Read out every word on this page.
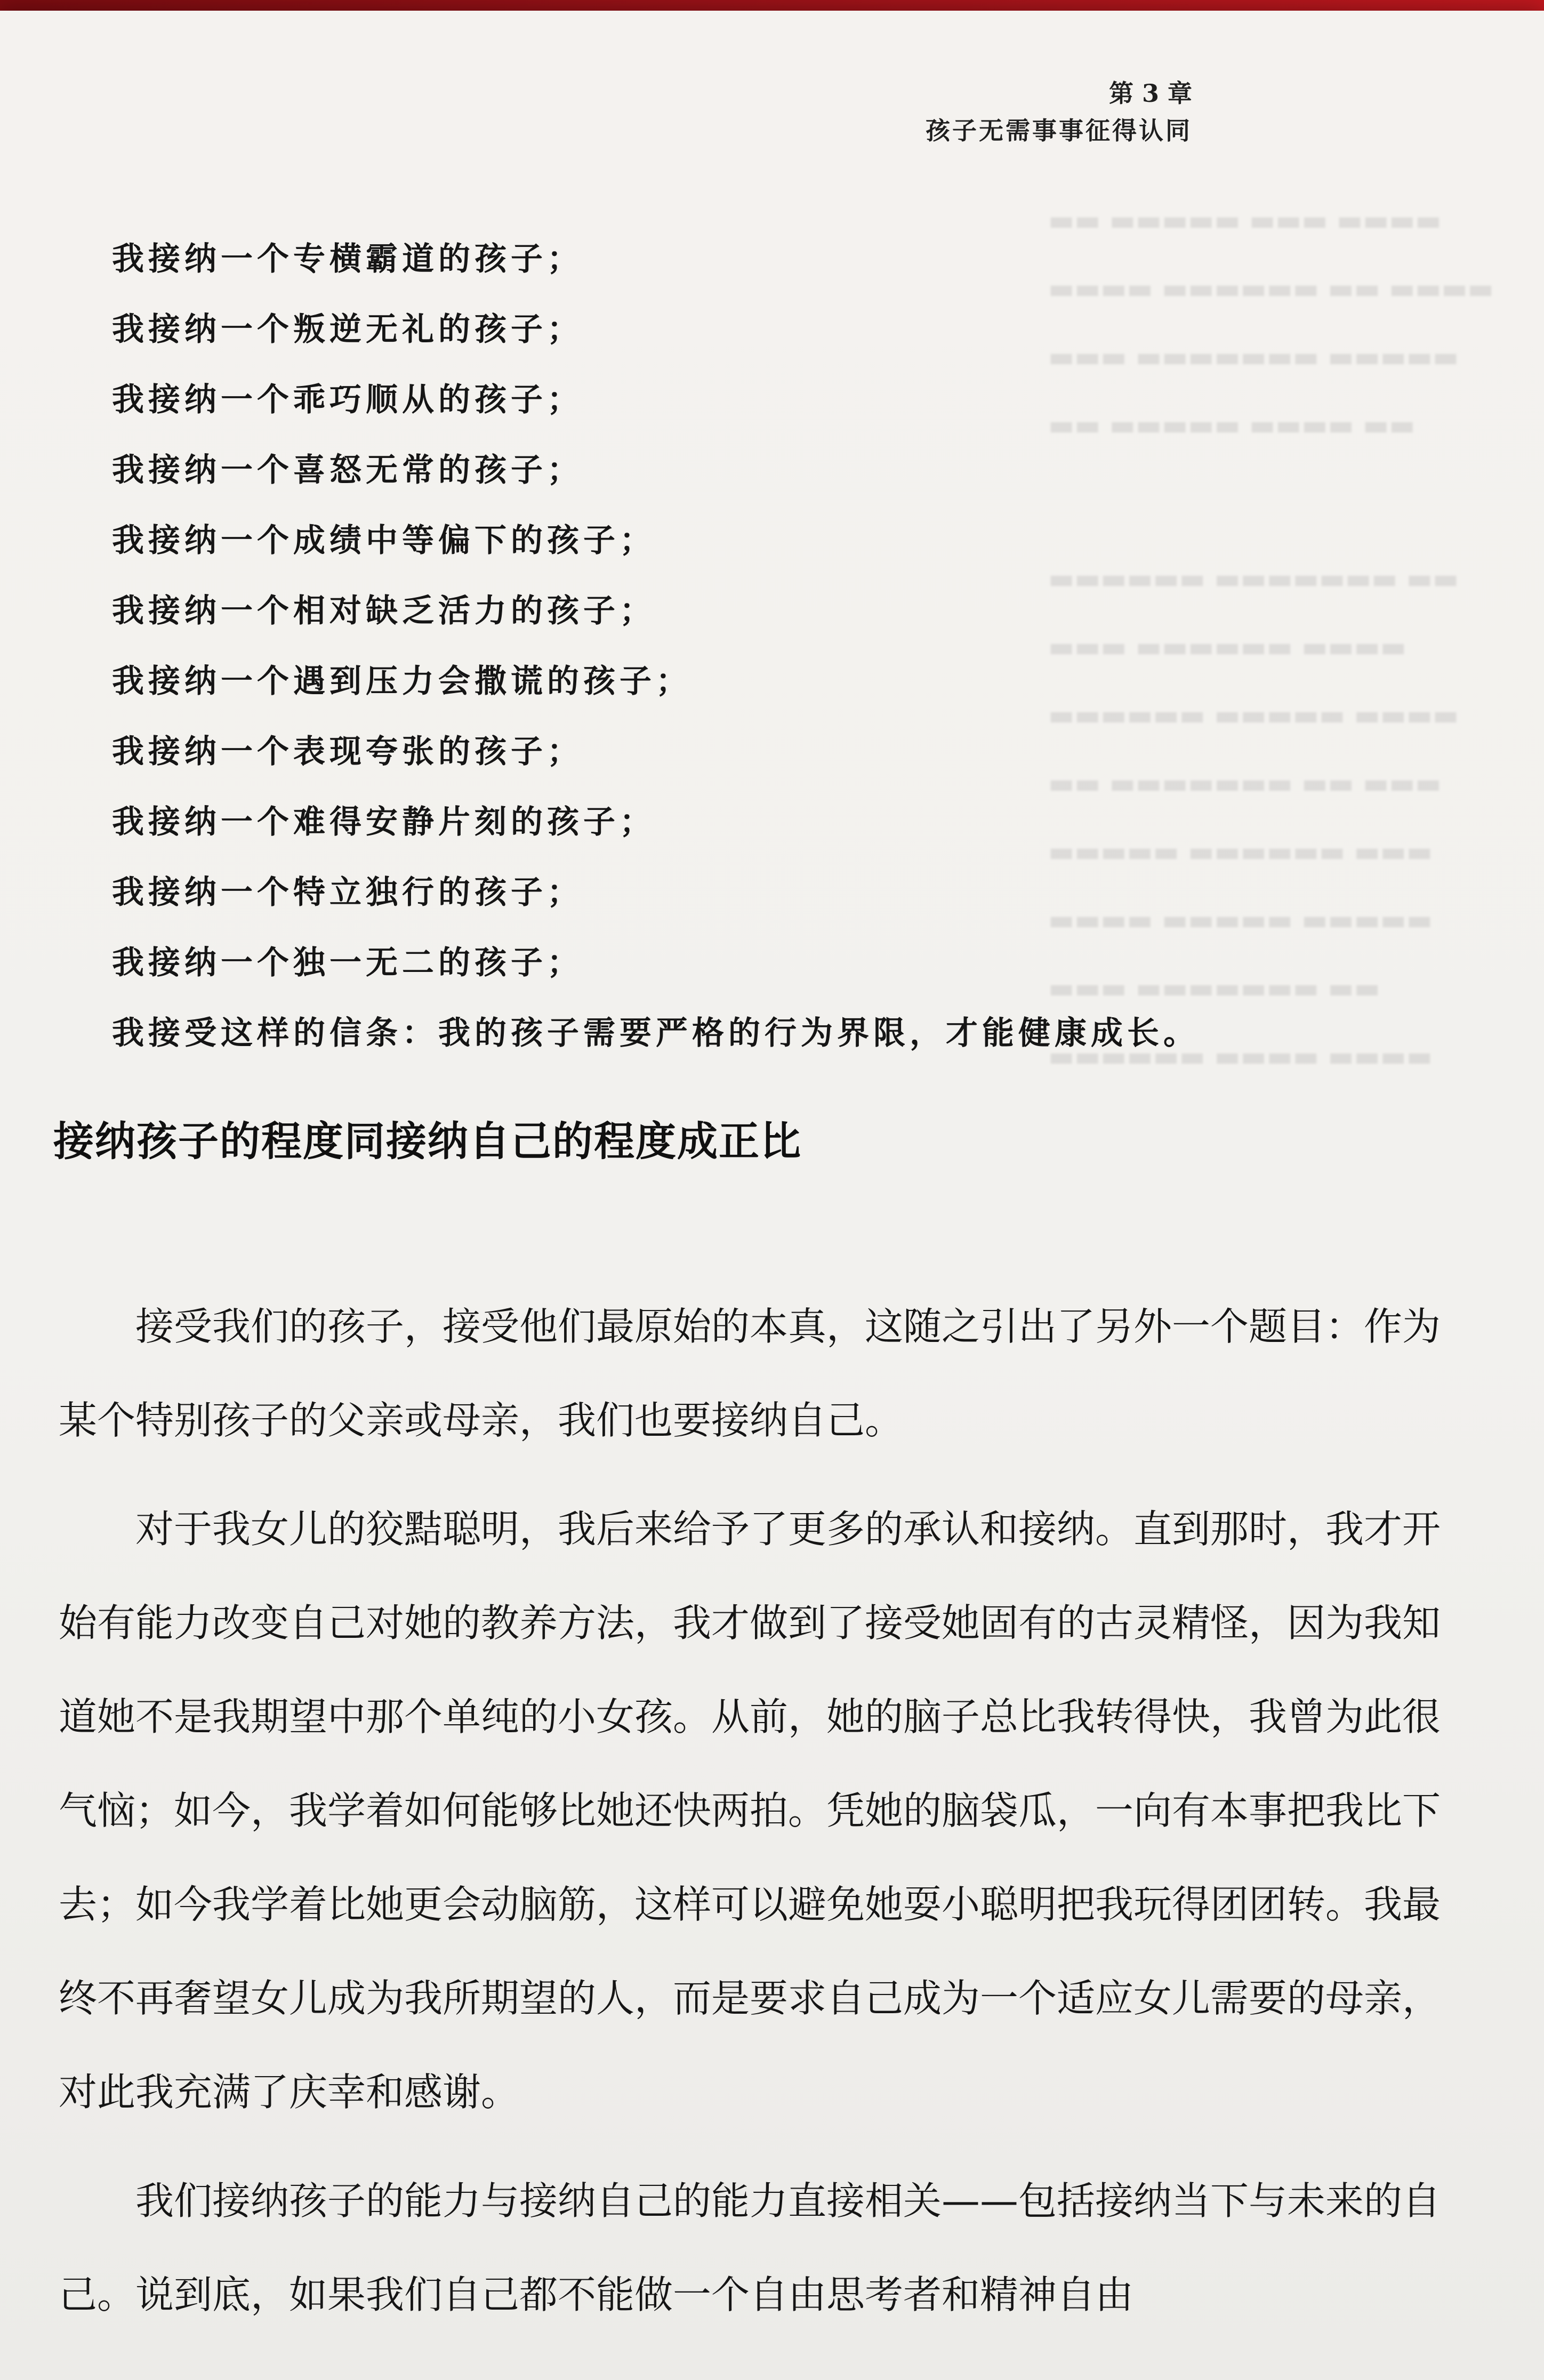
▬▬ ▬▬▬▬▬ ▬▬▬ ▬▬▬▬
▬▬▬▬ ▬▬▬▬▬▬ ▬▬ ▬▬▬▬
▬▬▬ ▬▬▬▬▬▬▬ ▬▬▬▬▬
▬▬ ▬▬▬▬▬ ▬▬▬▬ ▬▬
▬▬▬▬▬▬ ▬▬▬▬▬▬▬ ▬▬
▬▬▬ ▬▬▬▬▬▬ ▬▬▬▬
▬▬▬▬▬▬ ▬▬▬▬▬ ▬▬▬▬
▬▬ ▬▬▬▬▬▬▬ ▬▬ ▬▬▬
▬▬▬▬▬ ▬▬▬▬▬▬ ▬▬▬
▬▬▬▬ ▬▬▬▬▬ ▬▬▬▬▬
▬▬▬ ▬▬▬▬▬▬▬ ▬▬
▬▬▬▬▬▬ ▬▬▬▬ ▬▬▬▬
第 3 章
孩子无需事事征得认同
我接纳一个专横霸道的孩子；
我接纳一个叛逆无礼的孩子；
我接纳一个乖巧顺从的孩子；
我接纳一个喜怒无常的孩子；
我接纳一个成绩中等偏下的孩子；
我接纳一个相对缺乏活力的孩子；
我接纳一个遇到压力会撒谎的孩子；
我接纳一个表现夸张的孩子；
我接纳一个难得安静片刻的孩子；
我接纳一个特立独行的孩子；
我接纳一个独一无二的孩子；
我接受这样的信条：我的孩子需要严格的行为界限，才能健康成长。
接纳孩子的程度同接纳自己的程度成正比

接受我们的孩子，接受他们最原始的本真，这随之引出了另外一个题目：作为某个特别孩子的父亲或母亲，我们也要接纳自己。

对于我女儿的狡黠聪明，我后来给予了更多的承认和接纳。直到那时，我才开始有能力改变自己对她的教养方法，我才做到了接受她固有的古灵精怪，因为我知道她不是我期望中那个单纯的小女孩。从前，她的脑子总比我转得快，我曾为此很气恼；如今，我学着如何能够比她还快两拍。凭她的脑袋瓜，一向有本事把我比下去；如今我学着比她更会动脑筋，这样可以避免她耍小聪明把我玩得团团转。我最终不再奢望女儿成为我所期望的人，而是要求自己成为一个适应女儿需要的母亲，对此我充满了庆幸和感谢。

我们接纳孩子的能力与接纳自己的能力直接相关——包括接纳当下与未来的自己。说到底，如果我们自己都不能做一个自由思考者和精神自由
